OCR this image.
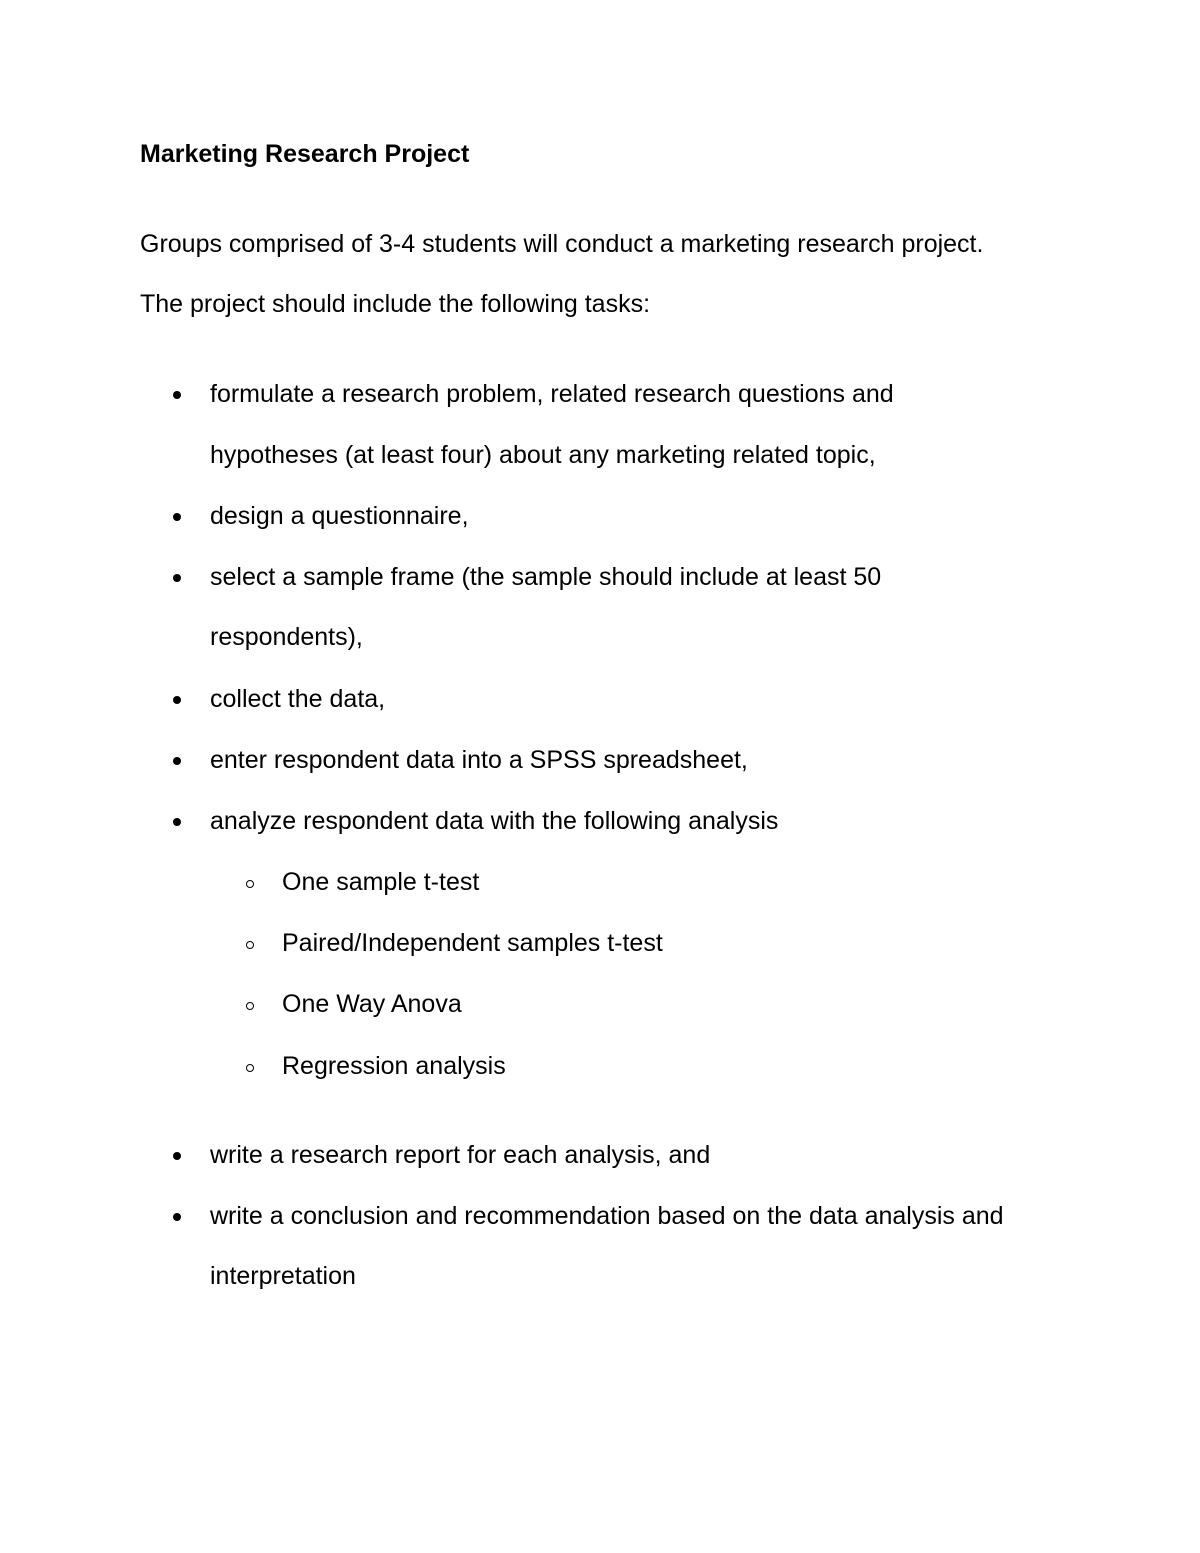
Marketing Research Project
Groups comprised of 3-4 students will conduct a marketing research project.
The project should include the following tasks:
formulate a research problem, related research questions and
hypotheses (at least four) about any marketing related topic,
design a questionnaire,
select a sample frame (the sample should include at least 50
respondents),
collect the data,
enter respondent data into a SPSS spreadsheet,
analyze respondent data with the following analysis
One sample t-test
Paired/Independent samples t-test
One Way Anova
Regression analysis
write a research report for each analysis, and
write a conclusion and recommendation based on the data analysis and
interpretation
